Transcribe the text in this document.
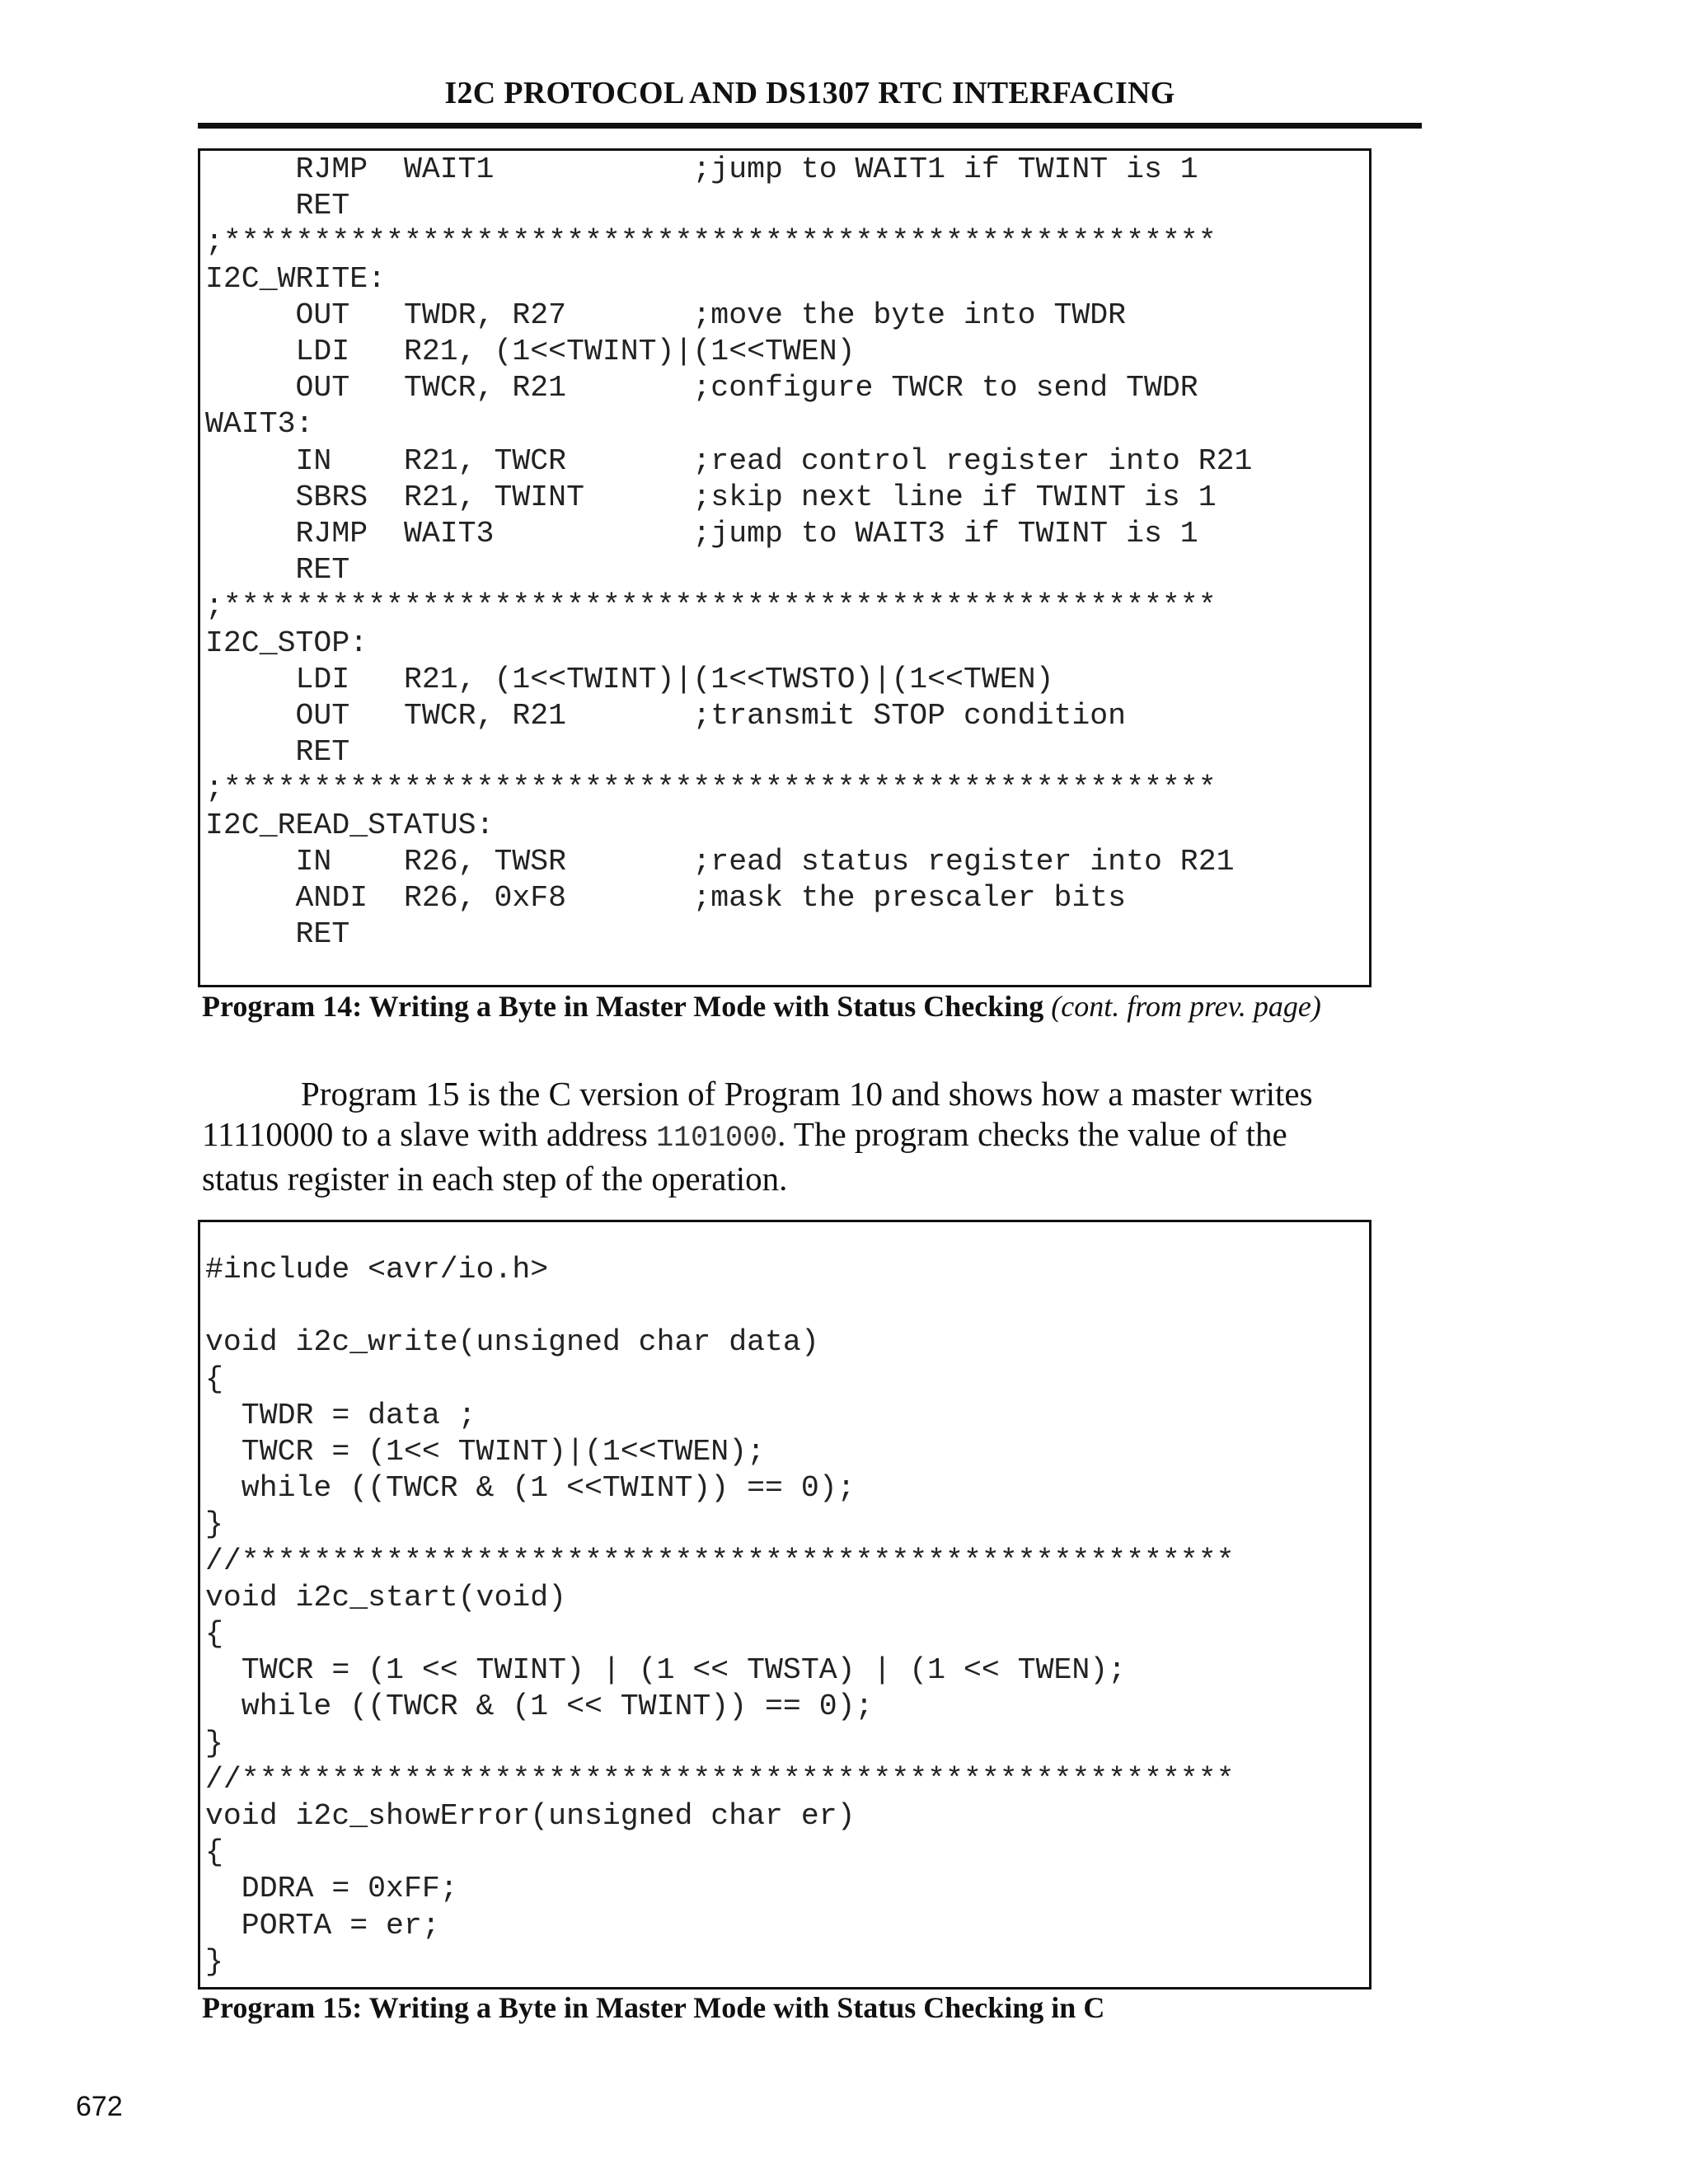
I2C PROTOCOL AND DS1307 RTC INTERFACING
RJMP  WAIT1           ;jump to WAIT1 if TWINT is 1
RET
;*******************************************************
I2C_WRITE:
OUT   TWDR, R27       ;move the byte into TWDR
LDI   R21, (1<<TWINT)|(1<<TWEN)
OUT   TWCR, R21       ;configure TWCR to send TWDR
WAIT3:
IN    R21, TWCR       ;read control register into R21
SBRS  R21, TWINT      ;skip next line if TWINT is 1
RJMP  WAIT3           ;jump to WAIT3 if TWINT is 1
RET
;*******************************************************
I2C_STOP:
LDI   R21, (1<<TWINT)|(1<<TWSTO)|(1<<TWEN)
OUT   TWCR, R21       ;transmit STOP condition
RET
;*******************************************************
I2C_READ_STATUS:
IN    R26, TWSR       ;read status register into R21
ANDI  R26, 0xF8       ;mask the prescaler bits
RET
Program 14: Writing a Byte in Master Mode with Status Checking (cont. from prev. page)

Program 15 is the C version of Program 10 and shows how a master writes 11110000 to a slave with address 1101000. The program checks the value of the status register in each step of the operation.

#include <avr/io.h>

void i2c_write(unsigned char data)
{
TWDR = data ;
TWCR = (1<< TWINT)|(1<<TWEN);
while ((TWCR & (1 <<TWINT)) == 0);
}
//*******************************************************
void i2c_start(void)
{
TWCR = (1 << TWINT) | (1 << TWSTA) | (1 << TWEN);
while ((TWCR & (1 << TWINT)) == 0);
}
//*******************************************************
void i2c_showError(unsigned char er)
{
DDRA = 0xFF;
PORTA = er;
}
Program 15: Writing a Byte in Master Mode with Status Checking in C
672
